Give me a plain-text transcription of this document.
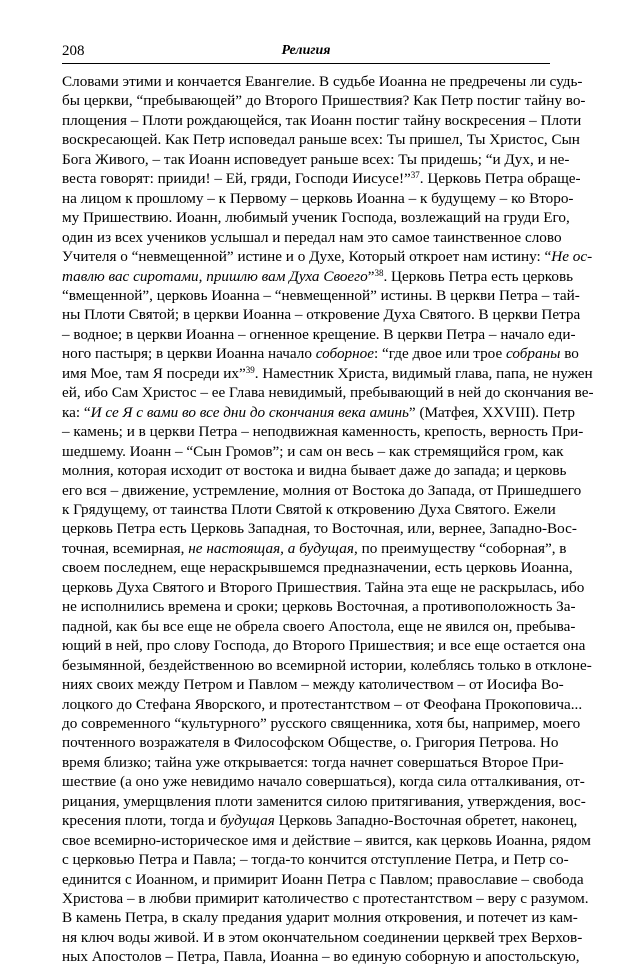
208	Религия
Словами этими и кончается Евангелие. В судьбе Иоанна не предречены ли судь-
бы церкви, “пребывающей” до Второго Пришествия? Как Петр постиг тайну во-
площения – Плоти рождающейся, так Иоанн постиг тайну воскресения – Плоти
воскресающей. Как Петр исповедал раньше всех: Ты пришел, Ты Христос, Сын
Бога Живого, – так Иоанн исповедует раньше всех: Ты придешь; “и Дух, и не-
веста говорят: прииди! – Ей, гряди, Господи Иисусе!”$^{37}$. Церковь Петра обраще-
на лицом к прошлому – к Первому – церковь Иоанна – к будущему – ко Второ-
му Пришествию. Иоанн, любимый ученик Господа, возлежащий на груди Его,
один из всех учеников услышал и передал нам это самое таинственное слово
Учителя о “невмещенной” истине и о Духе, Который откроет нам истину: “Не ос-
тавлю вас сиротами, пришлю вам Духа Своего”$^{38}$. Церковь Петра есть церковь
“вмещенной”, церковь Иоанна – “невмещенной” истины. В церкви Петра – тай-
ны Плоти Святой; в церкви Иоанна – откровение Духа Святого. В церкви Петра
– водное; в церкви Иоанна – огненное крещение. В церкви Петра – начало еди-
ного пастыря; в церкви Иоанна начало соборное: “где двое или трое собраны во
имя Мое, там Я посреди их”$^{39}$. Наместник Христа, видимый глава, папа, не нужен
ей, ибо Сам Христос – ее Глава невидимый, пребывающий в ней до скончания ве-
ка: “И се Я с вами во все дни до скончания века аминь” (Матфея, XXVIII). Петр
– камень; и в церкви Петра – неподвижная каменность, крепость, верность При-
шедшему. Иоанн – “Сын Громов”; и сам он весь – как стремящийся гром, как
молния, которая исходит от востока и видна бывает даже до запада; и церковь
его вся – движение, устремление, молния от Востока до Запада, от Пришедшего
к Грядущему, от таинства Плоти Святой к откровению Духа Святого. Ежели
церковь Петра есть Церковь Западная, то Восточная, или, вернее, Западно-Вос-
точная, всемирная, не настоящая, а будущая, по преимуществу “соборная”, в
своем последнем, еще нераскрывшемся предназначении, есть церковь Иоанна,
церковь Духа Святого и Второго Пришествия. Тайна эта еще не раскрылась, ибо
не исполнились времена и сроки; церковь Восточная, а противоположность За-
падной, как бы все еще не обрела своего Апостола, еще не явился он, пребыва-
ющий в ней, про слову Господа, до Второго Пришествия; и все еще остается она
безымянной, бездейственною во всемирной истории, колеблясь только в отклоне-
ниях своих между Петром и Павлом – между католичеством – от Иосифа Во-
лоцкого до Стефана Яворского, и протестантством – от Феофана Прокоповича...
до современного “культурного” русского священника, хотя бы, например, моего
почтенного возражателя в Философском Обществе, о. Григория Петрова. Но
время близко; тайна уже открывается: тогда начнет совершаться Второе При-
шествие (а оно уже невидимо начало совершаться), когда сила отталкивания, от-
рицания, умерщвления плоти заменится силою притягивания, утверждения, вос-
кресения плоти, тогда и будущая Церковь Западно-Восточная обретет, наконец,
свое всемирно-историческое имя и действие – явится, как церковь Иоанна, рядом
с церковью Петра и Павла; – тогда-то кончится отступление Петра, и Петр со-
единится с Иоанном, и примирит Иоанн Петра с Павлом; православие – свобода
Христова – в любви примирит католичество с протестантством – веру с разумом.
В камень Петра, в скалу предания ударит молния откровения, и потечет из кам-
ня ключ воды живой. И в этом окончательном соединении церквей трех Верхов-
ных Апостолов – Петра, Павла, Иоанна – во единую соборную и апостольскую,
